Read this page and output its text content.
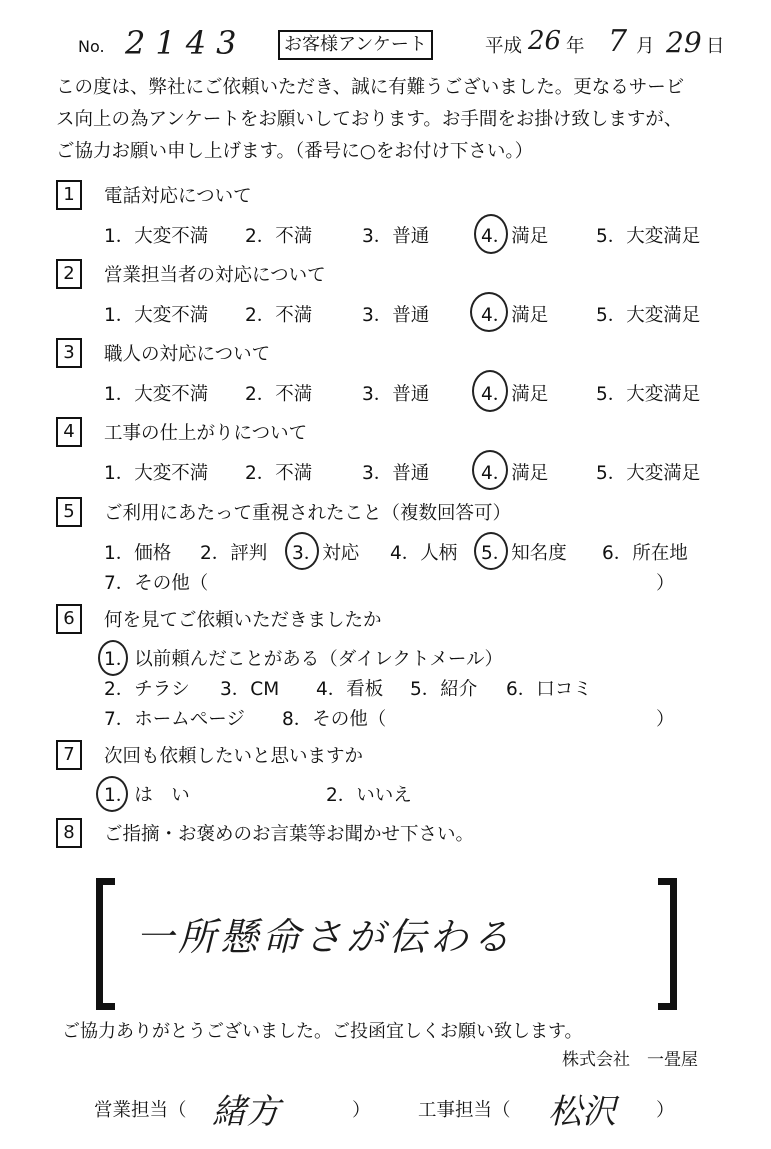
No. 2143	お客様アンケート	平成 26 年 7 月 29 日
この度は、弊社にご依頼いただき、誠に有難うございました。更なるサービ
ス向上の為アンケートをお願いしております。お手間をお掛け致しますが、
ご協力お願い申し上げます。（番号に○をお付け下さい。）
1	電話対応について
1．大変不満 2．不満	3．普通	4．満足	5．大変満足
2	営業担当者の対応について
1．大変不満 2．不満	3．普通	4．満足	5．大変満足
3	職人の対応について
1．大変不満 2．不満	3．普通	4．満足	5．大変満足
4	工事の仕上がりについて
1．大変不満 2．不満	3．普通	4．満足	5．大変満足
5	ご利用にあたって重視されたこと（複数回答可）
1．価格 2．評判 3．対応 4．人柄 5．知名度 6．所在地
7．その他（	）
6	何を見てご依頼いただきましたか
1．以前頼んだことがある（ダイレクトメール）
2．チラシ 3．CM 4．看板 5．紹介 6．口コミ
7．ホームページ 8．その他（	）
7	次回も依頼したいと思いますか
1．は　い	2．いいえ
8	ご指摘・お褒めのお言葉等お聞かせ下さい。
一所懸命さが伝わる
ご協力ありがとうございました。ご投函宜しくお願い致します。
株式会社　一畳屋
営業担当（ 緒方	）	工事担当（ 松沢 ）
